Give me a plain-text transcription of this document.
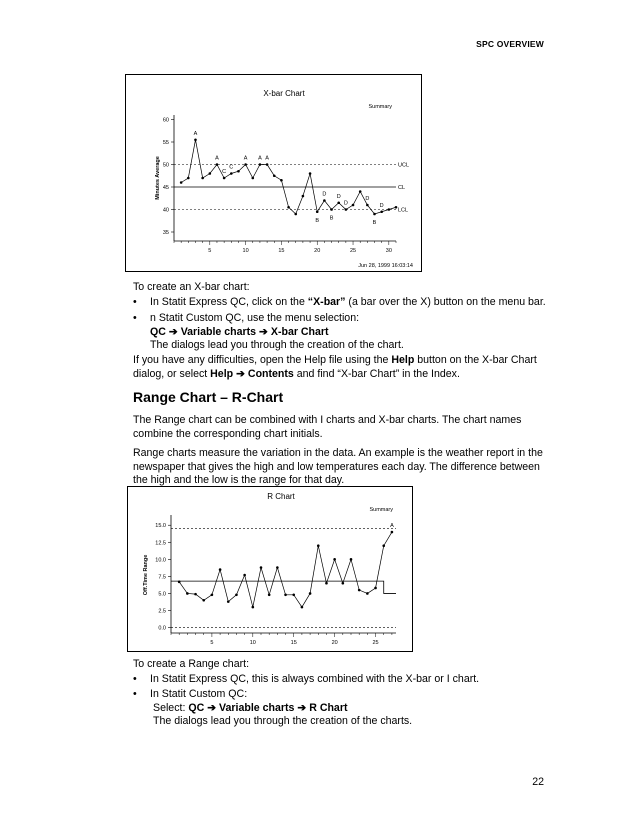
SPC OVERVIEW
X-bar Chart
Summary
Minutes Average
Jun 28, 1999 16:03:14
35
40
45
50
55
60
5	10	15	20	25	30
A
A
C
C
A A A
B
D
B
D
D
D
B
D
UCL
CL
LCL
To create an X-bar chart:
• In Statit Express QC, click on the “X-bar” (a bar over the X) button on the menu bar.
• n Statit Custom QC, use the menu selection:
QC ➔ Variable charts ➔ X-bar Chart
The dialogs lead you through the creation of the chart.
If you have any difficulties, open the Help file using the Help button on the X-bar Chart
dialog, or select Help ➔ Contents and find “X-bar Chart” in the Index.
Range Chart – R-Chart
The Range chart can be combined with I charts and X-bar charts. The chart names
combine the corresponding chart initials.
Range charts measure the variation in the data. An example is the weather report in the
newspaper that gives the high and low temperatures each day. The difference between
the high and the low is the range for that day.
R Chart
Summary
Off.Time Range
0.0
2.5
5.0
7.5
10.0
12.5
15.0
5	10	15	20	25
A
To create a Range chart:
• In Statit Express QC, this is always combined with the X-bar or I chart.
• In Statit Custom QC:
Select: QC ➔ Variable charts ➔ R Chart
The dialogs lead you through the creation of the charts.
22
